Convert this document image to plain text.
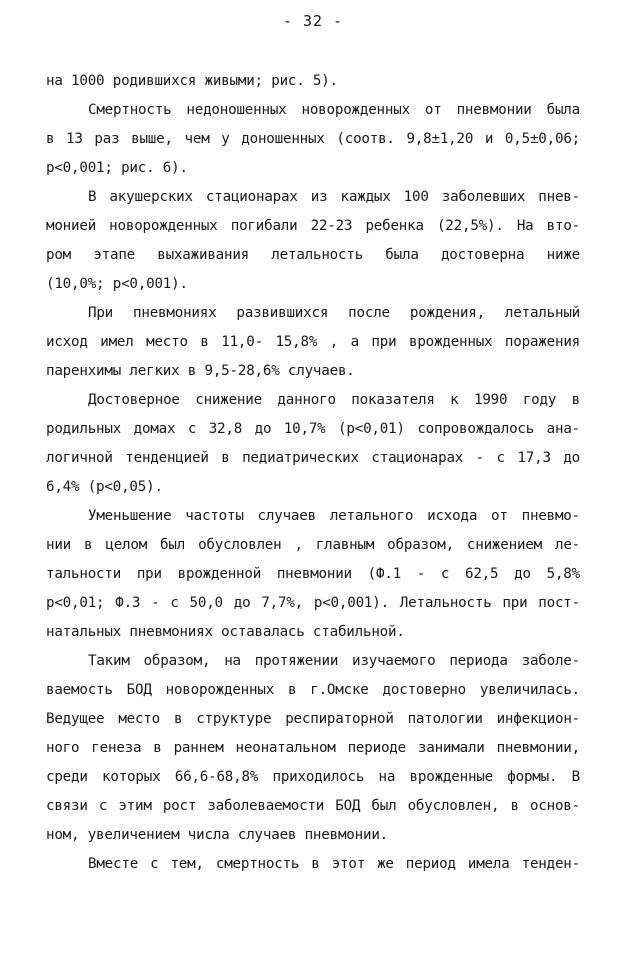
- 32 -
на 1000 родившихся живыми; рис. 5).
Смертность недоношенных новорожденных от пневмонии была
в 13 раз выше, чем у доношенных (соотв. 9,8±1,20 и 0,5±0,06;
р<0,001; рис. 6).
В акушерских стационарах из каждых 100 заболевших пнев-
монией новорожденных погибали 22-23 ребенка (22,5%). На вто-
ром этапе выхаживания летальность была достоверна ниже
(10,0%; р<0,001).
При пневмониях развившихся после рождения, летальный
исход имел место в 11,0- 15,8% , а при врожденных поражения
паренхимы легких в 9,5-28,6% случаев.
Достоверное снижение данного показателя к 1990 году в
родильных домах с 32,8 до 10,7% (р<0,01) сопровождалось ана-
логичной тенденцией в педиатрических стационарах - с 17,3 до
6,4% (р<0,05).
Уменьшение частоты случаев летального исхода от пневмо-
нии в целом был обусловлен , главным образом, снижением ле-
тальности при врожденной пневмонии (Ф.1 - с 62,5 до 5,8%
р<0,01; Ф.3 - с 50,0 до 7,7%, р<0,001). Летальность при пост-
натальных пневмониях оставалась стабильной.
Таким образом, на протяжении изучаемого периода заболе-
ваемость БОД новорожденных в г.Омске достоверно увеличилась.
Ведущее место в структуре респираторной патологии инфекцион-
ного генеза в раннем неонатальном периоде занимали пневмонии,
среди которых 66,6-68,8% приходилось на врожденные формы. В
связи с этим рост заболеваемости БОД был обусловлен, в основ-
ном, увеличением числа случаев пневмонии.
Вместе с тем, смертность в этот же период имела тенден-
